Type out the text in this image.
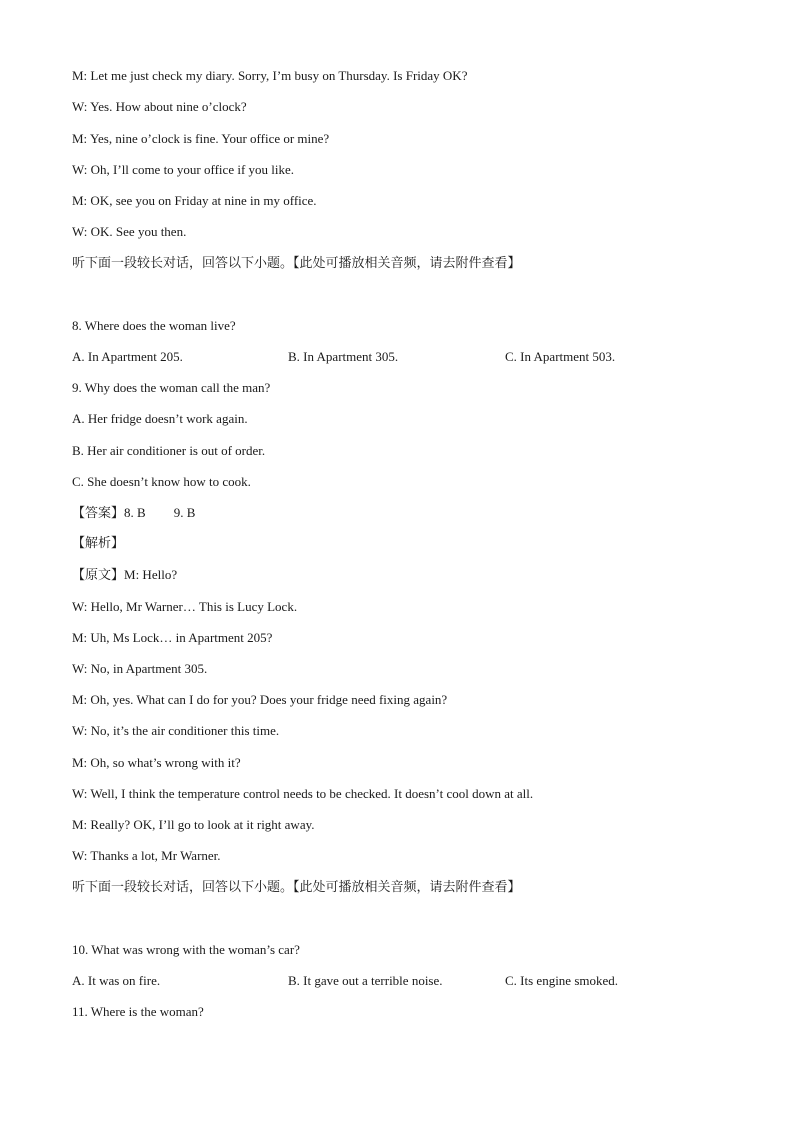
M: Let me just check my diary. Sorry, I’m busy on Thursday. Is Friday OK?
W: Yes. How about nine o’clock?
M: Yes, nine o’clock is fine. Your office or mine?
W: Oh, I’ll come to your office if you like.
M: OK, see you on Friday at nine in my office.
W: OK. See you then.
听下面一段较长对话，回答以下小题。【此处可播放相关音频，请去附件查看】
8. Where does the woman live?
A. In Apartment 205.	B. In Apartment 305.	C. In Apartment 503.
9. Why does the woman call the man?
A. Her fridge doesn’t work again.
B. Her air conditioner is out of order.
C. She doesn’t know how to cook.
【答案】8. B 9. B
【解析】
【原文】M: Hello?
W: Hello, Mr Warner… This is Lucy Lock.
M: Uh, Ms Lock… in Apartment 205?
W: No, in Apartment 305.
M: Oh, yes. What can I do for you? Does your fridge need fixing again?
W: No, it’s the air conditioner this time.
M: Oh, so what’s wrong with it?
W: Well, I think the temperature control needs to be checked. It doesn’t cool down at all.
M: Really? OK, I’ll go to look at it right away.
W: Thanks a lot, Mr Warner.
听下面一段较长对话，回答以下小题。【此处可播放相关音频，请去附件查看】
10. What was wrong with the woman’s car?
A. It was on fire.	B. It gave out a terrible noise.	C. Its engine smoked.
11. Where is the woman?
